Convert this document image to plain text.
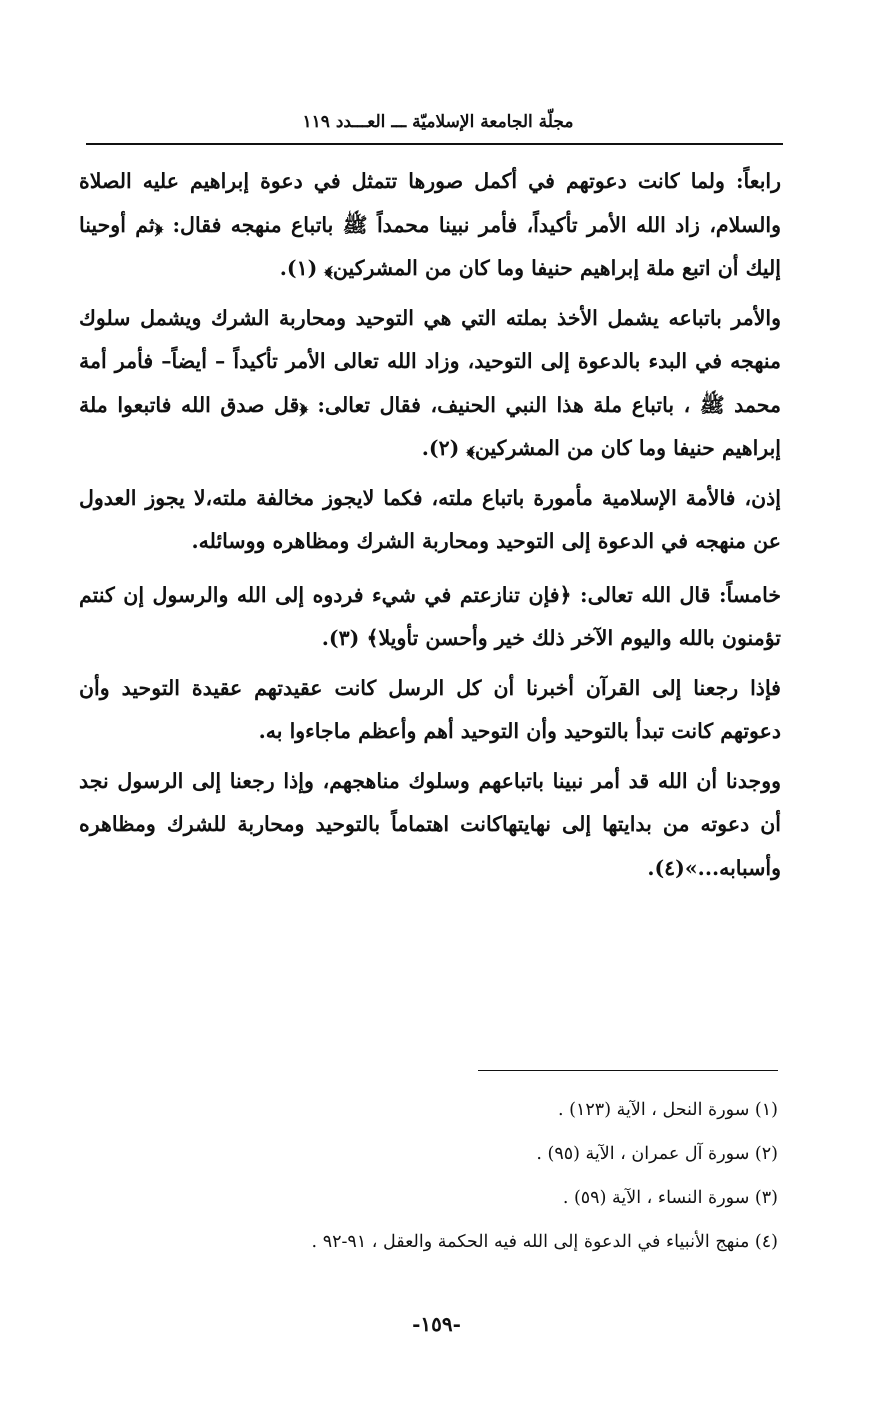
مجلّة الجامعة الإسلاميّة ـــ العـــدد ١١٩

رابعاً: ولما كانت دعوتهم في أكمل صورها تتمثل في دعوة إبراهيم عليه الصلاة والسلام، زاد الله الأمر تأكيداً، فأمر نبينا محمداً ﷺ باتباع منهجه فقال: ﴿ثم أوحينا إليك أن اتبع ملة إبراهيم حنيفا وما كان من المشركين﴾ (١).

والأمر باتباعه يشمل الأخذ بملته التي هي التوحيد ومحاربة الشرك ويشمل سلوك منهجه في البدء بالدعوة إلى التوحيد، وزاد الله تعالى الأمر تأكيداً – أيضاً– فأمر أمة محمد ﷺ ، باتباع ملة هذا النبي الحنيف، فقال تعالى: ﴿قل صدق الله فاتبعوا ملة إبراهيم حنيفا وما كان من المشركين﴾ (٢).

إذن، فالأمة الإسلامية مأمورة باتباع ملته، فكما لايجوز مخالفة ملته،لا يجوز العدول عن منهجه في الدعوة إلى التوحيد ومحاربة الشرك ومظاهره ووسائله.

خامساً: قال الله تعالى: ﴿فإن تنازعتم في شيء فردوه إلى الله والرسول إن كنتم تؤمنون بالله واليوم الآخر ذلك خير وأحسن تأويلا﴾ (٣).

فإذا رجعنا إلى القرآن أخبرنا أن كل الرسل كانت عقيدتهم عقيدة التوحيد وأن دعوتهم كانت تبدأ بالتوحيد وأن التوحيد أهم وأعظم ماجاءوا به.

ووجدنا أن الله قد أمر نبينا باتباعهم وسلوك مناهجهم، وإذا رجعنا إلى الرسول نجد أن دعوته من بدايتها إلى نهايتهاكانت اهتماماً بالتوحيد ومحاربة للشرك ومظاهره وأسبابه...»(٤).

(١) سورة النحل ، الآية (١٢٣) .

(٢) سورة آل عمران ، الآية (٩٥) .

(٣) سورة النساء ، الآية (٥٩) .

(٤) منهج الأنبياء في الدعوة إلى الله فيه الحكمة والعقل ، ٩١-٩٢ .

-١٥٩-
